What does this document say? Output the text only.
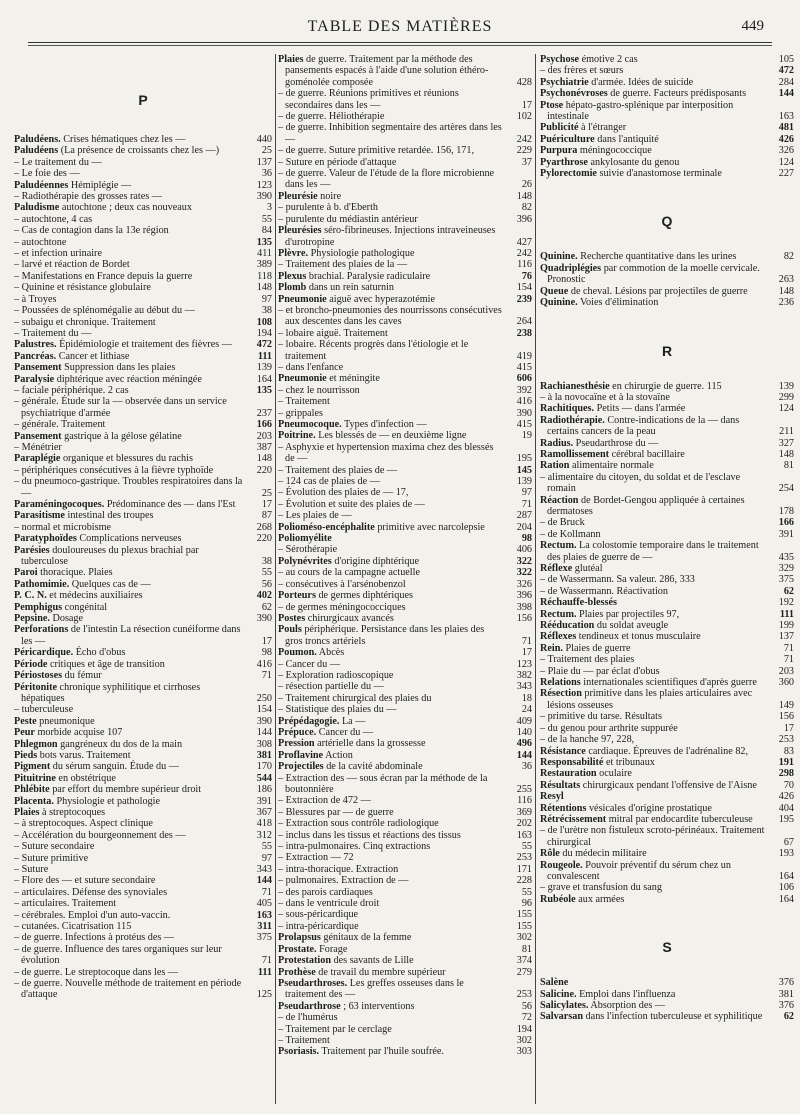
TABLE DES MATIÈRES	449
P
Paludéens. Crises hématiques chez les —	440
Paludéens (La présence de croissants chez les —)	25
– Le traitement du —	137
– Le foie des —	36
Paludéennes Hémiplégie —	123
– Radiothérapie des grosses rates —	390
Paludisme autochtone ; deux cas nouveaux	3
– autochtone, 4 cas	55
– Cas de contagion dans la 13e région	84
– autochtone	135
– et infection urinaire	411
– larvé et réaction de Bordet	389
– Manifestations en France depuis la guerre	118
– Quinine et résistance globulaire	148
– à Troyes	97
– Poussées de splénomégalie au début du —	38
– subaigu et chronique. Traitement	108
– Traitement du —	194
Palustres. Épidémiologie et traitement des fièvres —	472
Pancréas. Cancer et lithiase	111
Pansement Suppression dans les plaies	139
Paralysie diphtérique avec réaction méningée	164
– faciale périphérique. 2 cas	135
– générale. Étude sur la — observée dans un service psychiatrique d'armée	237
– générale. Traitement	166
Pansement gastrique à la gélose gélatine	203
– Ménétrier	387
Paraplégie organique et blessures du rachis	148
– périphériques consécutives à la fièvre typhoïde	220
– du pneumoco-gastrique. Troubles respiratoires dans la —	25
Paraméningocoques. Prédominance des — dans l'Est	17
Parasitisme intestinal des troupes	87
– normal et microbisme	268
Paratyphoïdes Complications nerveuses	220
Parésies douloureuses du plexus brachial par tuberculose	38
Paroi thoracique. Plaies	55
Pathomimie. Quelques cas de —	56
P. C. N. et médecins auxiliaires	402
Pemphigus congénital	62
Pepsine. Dosage	390
Perforations de l'intestin La résection cunéiforme dans les —	17
Péricardique. Écho d'obus	98
Période critiques et âge de transition	416
Périostoses du fémur	71
Péritonite chronique syphilitique et cirrhoses hépatiques	250
– tuberculeuse	154
Peste pneumonique	390
Peur morbide acquise 107	144
Phlegmon gangréneux du dos de la main	308
Pieds bots varus. Traitement	381
Pigment du sérum sanguin. Étude du —	170
Pituitrine en obstétrique	544
Phlébite par effort du membre supérieur droit	186
Placenta. Physiologie et pathologie	391
Plaies à streptocoques	367
– à streptocoques. Aspect clinique	418
– Accélération du bourgeonnement des —	312
– Suture secondaire	55
– Suture primitive	97
– Suture	343
– Flore des — et suture secondaire	144
– articulaires. Défense des synoviales	71
– articulaires. Traitement	405
– cérébrales. Emploi d'un auto-vaccin.	163
– cutanées. Cicatrisation 115	311
– de guerre. Infections à protéus des —	375
– de guerre. Influence des tares organiques sur leur évolution	71
– de guerre. Le streptocoque dans les —	111
– de guerre. Nouvelle méthode de traitement en période d'attaque	125
Plaies de guerre. Traitement par la méthode des pansements espacés à l'aide d'une solution éthéro-goménolée composée	428
– de guerre. Réunions primitives et réunions secondaires dans les —	17
– de guerre. Héliothérapie	102
– de guerre. Inhibition segmentaire des artères dans les —	242
– de guerre. Suture primitive retardée. 156, 171,	229
– Suture en période d'attaque	37
– de guerre. Valeur de l'étude de la flore microbienne dans les —	26
Pleurésie noire	148
– purulente à b. d'Eberth	82
– purulente du médiastin antérieur	396
Pleurésies séro-fibrineuses. Injections intraveineuses d'urotropine	427
Plèvre. Physiologie pathologique	242
– Traitement des plaies de la —	116
Plexus brachial. Paralysie radiculaire	76
Plomb dans un rein saturnin	154
Pneumonie aiguë avec hyperazotémie	239
– et broncho-pneumonies des nourrissons consécutives aux descentes dans les caves	264
– lobaire aiguë. Traitement	238
– lobaire. Récents progrès dans l'étiologie et le traitement	419
– dans l'enfance	415
Pneumonie et méningite	606
– chez le nourrisson	392
– Traitement	416
– grippales	390
Pneumocoque. Types d'infection —	415
Poitrine. Les blessés de — en deuxième ligne	19
– Asphyxie et hypertension maxima chez des blessés de —	195
– Traitement des plaies de —	145
– 124 cas de plaies de —	139
– Évolution des plaies de — 17,	97
– Évolution et suite des plaies de —	71
– Les plaies de —	287
Polioméso-encéphalite primitive avec narcolepsie	204
Poliomyélite	98
– Sérothérapie	406
Polynévrites d'origine diphtérique	322
– au cours de la campagne actuelle	322
– consécutives à l'arsénobenzol	326
Porteurs de germes diphtériques	396
– de germes méningococciques	398
Postes chirurgicaux avancés	156
Pouls périphérique. Persistance dans les plaies des gros troncs artériels	71
Poumon. Abcès	17
– Cancer du —	123
– Exploration radioscopique	382
– résection partielle du —	343
– Traitement chirurgical des plaies du	18
– Statistique des plaies du —	24
Prépédagogie. La —	409
Prépuce. Cancer du —	140
Pression artérielle dans la grossesse	496
Proflavine Action	144
Projectiles de la cavité abdominale	36
– Extraction des — sous écran par la méthode de la boutonnière	255
– Extraction de 472 —	116
– Blessures par — de guerre	369
– Extraction sous contrôle radiologique	202
– inclus dans les tissus et réactions des tissus	163
– intra-pulmonaires. Cinq extractions	55
– Extraction — 72	253
– intra-thoracique. Extraction	171
– pulmonaires. Extraction de —	228
– des parois cardiaques	55
– dans le ventricule droit	96
– sous-péricardique	155
– intra-péricardique	155
Prolapsus génitaux de la femme	302
Prostate. Forage	81
Protestation des savants de Lille	374
Prothèse de travail du membre supérieur	279
Pseudarthroses. Les greffes osseuses dans le traitement des —	253
Pseudarthrose ; 63 interventions	56
– de l'humérus	72
– Traitement par le cerclage	194
– Traitement	302
Psoriasis. Traitement par l'huile soufrée.	303
Psychose émotive 2 cas	105
– des frères et sœurs	472
Psychiatrie d'armée. Idées de suicide	284
Psychonévroses de guerre. Facteurs prédisposants	144
Ptose hépato-gastro-splénique par interposition intestinale	163
Publicité à l'étranger	481
Puériculture dans l'antiquité	426
Purpura méningococcique	326
Pyarthrose ankylosante du genou	124
Pylorectomie suivie d'anastomose terminale	227
Q
Quinine. Recherche quantitative dans les urines	82
Quadriplégies par commotion de la moelle cervicale. Pronostic	263
Queue de cheval. Lésions par projectiles de guerre	148
Quinine. Voies d'élimination	236
R
Rachianesthésie en chirurgie de guerre. 115	139
– à la novocaïne et à la stovaïne	299
Rachitiques. Petits — dans l'armée	124
Radiothérapie. Contre-indications de la — dans certains cancers de la peau	211
Radius. Pseudarthrose du —	327
Ramollissement cérébral bacillaire	148
Ration alimentaire normale	81
– alimentaire du citoyen, du soldat et de l'esclave romain	254
Réaction de Bordet-Gengou appliquée à certaines dermatoses	178
– de Bruck	166
– de Kollmann	391
Rectum. La colostomie temporaire dans le traitement des plaies de guerre de —	435
Réflexe glutéal	329
– de Wassermann. Sa valeur. 286, 333	375
– de Wassermann. Réactivation	62
Réchauffe-blessés	192
Rectum. Plaies par projectiles 97,	111
Rééducation du soldat aveugle	199
Réflexes tendineux et tonus musculaire	137
Rein. Plaies de guerre	71
– Traitement des plaies	71
– Plaie du — par éclat d'obus	203
Relations internationales scientifiques d'après guerre	360
Résection primitive dans les plaies articulaires avec lésions osseuses	149
– primitive du tarse. Résultats	156
– du genou pour arthrite suppurée	17
– de la hanche 97, 228,	253
Résistance cardiaque. Épreuves de l'adrénaline 82,	83
Responsabilité et tribunaux	191
Restauration oculaire	298
Résultats chirurgicaux pendant l'offensive de l'Aisne	70
Resyl	426
Rétentions vésicales d'origine prostatique	404
Rétrécissement mitral par endocardite tuberculeuse	195
– de l'urètre non fistuleux scroto-périnéaux. Traitement chirurgical	67
Rôle du médecin militaire	193
Rougeole. Pouvoir préventif du sérum chez un convalescent	164
– grave et transfusion du sang	106
Rubéole aux armées	164
S
Salène	376
Salicine. Emploi dans l'influenza	381
Salicylates. Absorption des —	376
Salvarsan dans l'infection tuberculeuse et syphilitique	62
